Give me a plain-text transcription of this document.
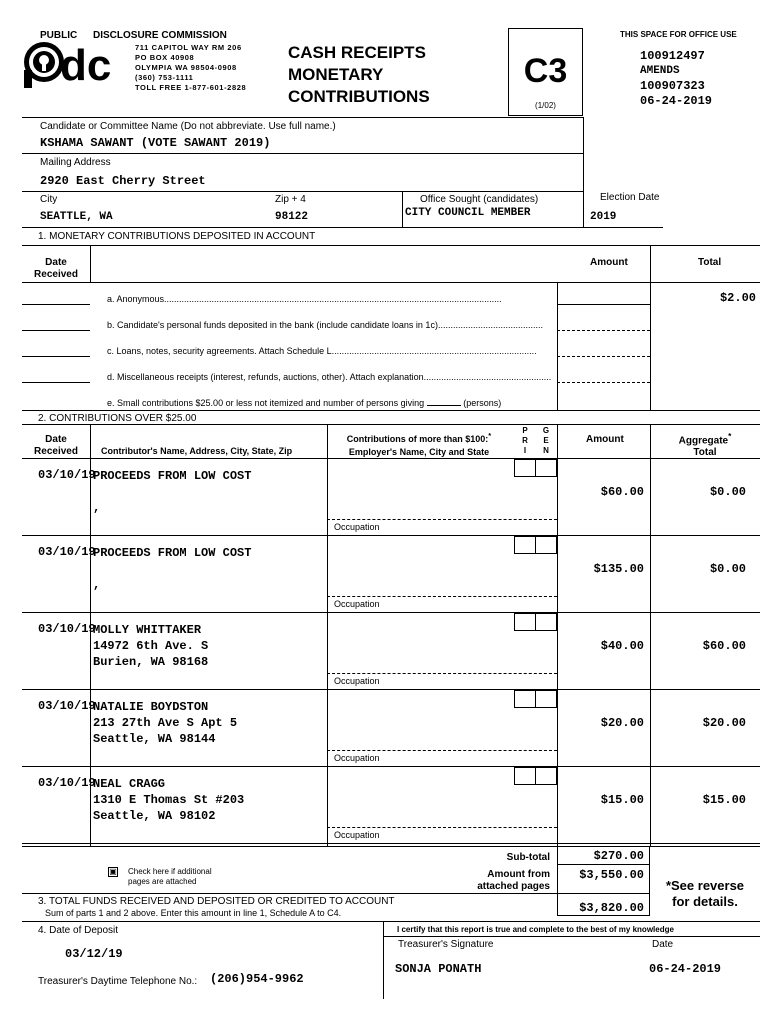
PUBLIC DISCLOSURE COMMISSION
dc	711 CAPITOL WAY RM 206
PO BOX 40908
OLYMPIA WA 98504-0908
(360) 753-1111
TOLL FREE 1-877-601-2828
CASH RECEIPTS
MONETARY
CONTRIBUTIONS
C3
(1/02)
THIS SPACE FOR OFFICE USE
100912497
AMENDS
100907323
06-24-2019
Candidate or Committee Name (Do not abbreviate. Use full name.)
KSHAMA SAWANT (VOTE SAWANT 2019)
Mailing Address
2920 East Cherry Street
City
SEATTLE, WA
Zip + 4
98122
Office Sought (candidates)
CITY COUNCIL MEMBER
Election Date
2019
1. MONETARY CONTRIBUTIONS DEPOSITED IN ACCOUNT
Date
Received
Amount	Total
a. Anonymous.......................................................................................................................................	$2.00
b. Candidate's personal funds deposited in the bank (include candidate loans in 1c)..........................................
c. Loans, notes, security agreements. Attach Schedule L..................................................................................
d. Miscellaneous receipts (interest, refunds, auctions, other). Attach explanation...................................................
e. Small contributions $25.00 or less not itemized and number of persons giving	(persons)
2. CONTRIBUTIONS OVER $25.00
Date
Received	Contributor's Name, Address, City, State, Zip
Contributions of more than $100:*
Employer's Name, City and State
P
R
I
G
E
N
Amount	Aggregate*
Total
03/10/19
PROCEEDS FROM LOW COST
,
$60.00	$0.00
Occupation
03/10/19
PROCEEDS FROM LOW COST
,
$135.00	$0.00
Occupation
03/10/19
MOLLY WHITTAKER
14972 6th Ave. S
Burien, WA 98168
$40.00	$60.00
Occupation
03/10/19
NATALIE BOYDSTON
213 27th Ave S Apt 5
Seattle, WA 98144
$20.00	$20.00
Occupation
03/10/19
NEAL CRAGG
1310 E Thomas St #203
Seattle, WA 98102
$15.00	$15.00
Occupation
▣ Check here if additional
pages are attached
Sub-total	$270.00
Amount from
attached pages
$3,550.00
3. TOTAL FUNDS RECEIVED AND DEPOSITED OR CREDITED TO ACCOUNT
Sum of parts 1 and 2 above. Enter this amount in line 1, Schedule A to C4.	$3,820.00
*See reverse
for details.
4. Date of Deposit
03/12/19
Treasurer's Daytime Telephone No.: (206)954-9962
I certify that this report is true and complete to the best of my knowledge
Treasurer's Signature	Date
SONJA PONATH	06-24-2019
